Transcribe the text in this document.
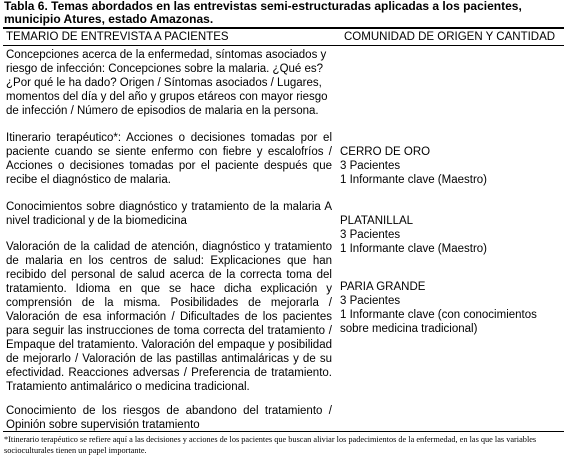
Tabla 6. Temas abordados en las entrevistas semi-estructuradas aplicadas a los pacientes, municipio Atures, estado Amazonas.
TEMARIO DE ENTREVISTA A PACIENTES	COMUNIDAD DE ORIGEN Y CANTIDAD
Concepciones acerca de la enfermedad, síntomas asociados y riesgo de infección: Concepciones sobre la malaria. ¿Qué es? ¿Por qué le ha dado? Origen / Síntomas asociados / Lugares, momentos del día y del año y grupos etáreos con mayor riesgo de infección / Número de episodios de malaria en la persona.
Itinerario terapéutico*: Acciones o decisiones tomadas por el paciente cuando se siente enfermo con fiebre y escalofríos / Acciones o decisiones tomadas por el paciente después que recibe el diagnóstico de malaria.
Conocimientos sobre diagnóstico y tratamiento de la malaria A nivel tradicional y de la biomedicina
Valoración de la calidad de atención, diagnóstico y tratamiento de malaria en los centros de salud: Explicaciones que han recibido del personal de salud acerca de la correcta toma del tratamiento. Idioma en que se hace dicha explicación y comprensión de la misma. Posibilidades de mejorarla / Valoración de esa información / Dificultades de los pacientes para seguir las instrucciones de toma correcta del tratamiento / Empaque del tratamiento. Valoración del empaque y posibilidad de mejorarlo / Valoración de las pastillas antimaláricas y de su efectividad. Reacciones adversas / Preferencia de tratamiento. Tratamiento antimalárico o medicina tradicional.
Conocimiento de los riesgos de abandono del tratamiento / Opinión sobre supervisión tratamiento
CERRO DE ORO
3 Pacientes
1 Informante clave (Maestro)
PLATANILLAL
3 Pacientes
1 Informante clave (Maestro)
PARIA GRANDE
3 Pacientes
1 Informante clave (con conocimientos
sobre medicina tradicional)
*Itinerario terapéutico se refiere aquí a las decisiones y acciones de los pacientes que buscan aliviar los padecimientos de la enfermedad, en las que las variables socioculturales tienen un papel importante.
